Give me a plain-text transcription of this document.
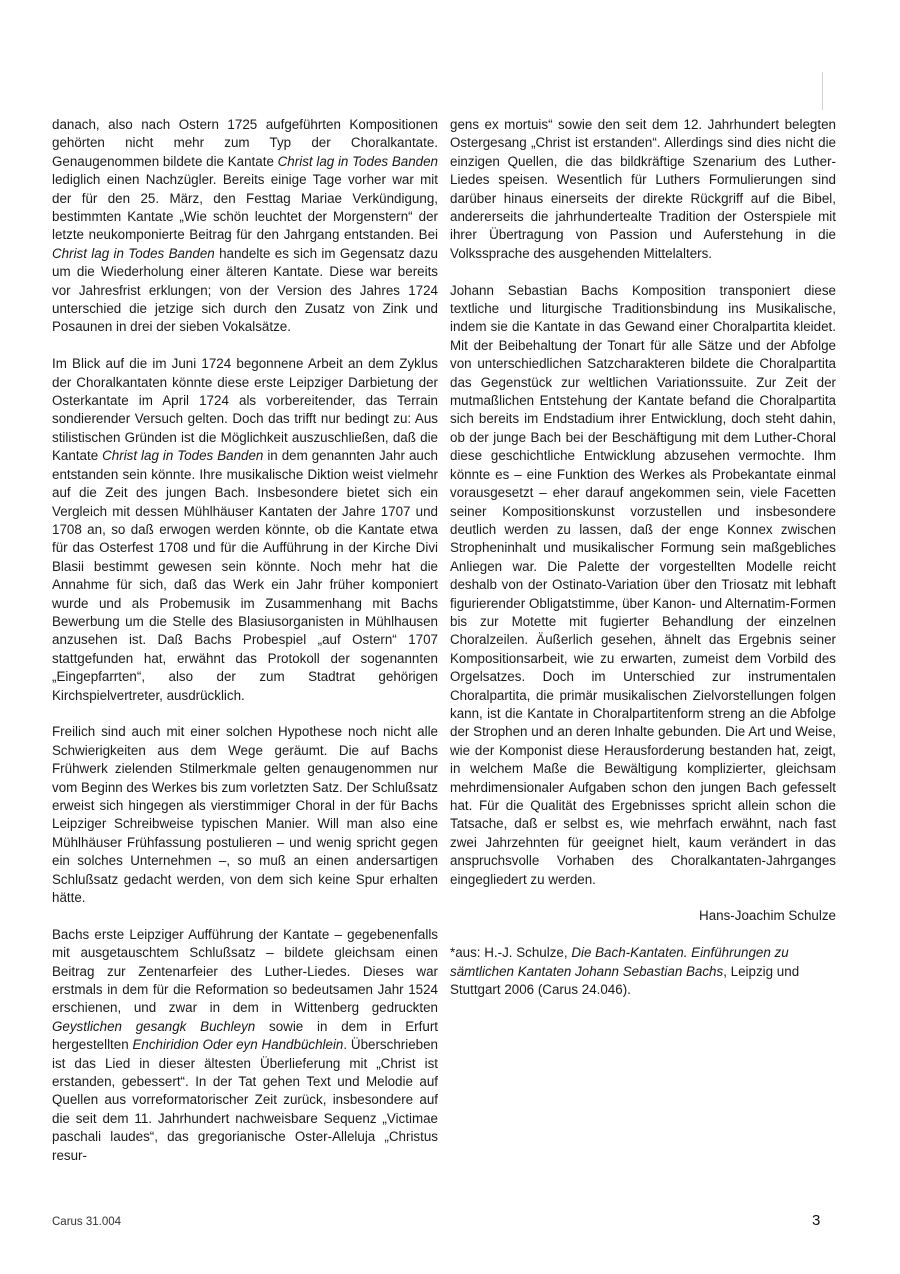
danach, also nach Ostern 1725 aufgeführten Kompositionen gehörten nicht mehr zum Typ der Choralkantate. Genaugenommen bildete die Kantate Christ lag in Todes Banden lediglich einen Nachzügler. Bereits einige Tage vorher war mit der für den 25. März, den Festtag Mariae Verkündigung, bestimmten Kantate „Wie schön leuchtet der Morgenstern“ der letzte neukomponierte Beitrag für den Jahrgang entstanden. Bei Christ lag in Todes Banden handelte es sich im Gegensatz dazu um die Wiederholung einer älteren Kantate. Diese war bereits vor Jahresfrist erklungen; von der Version des Jahres 1724 unterschied die jetzige sich durch den Zusatz von Zink und Posaunen in drei der sieben Vokalsätze.

Im Blick auf die im Juni 1724 begonnene Arbeit an dem Zyklus der Choralkantaten könnte diese erste Leipziger Darbietung der Osterkantate im April 1724 als vorbereitender, das Terrain sondierender Versuch gelten. Doch das trifft nur bedingt zu: Aus stilistischen Gründen ist die Möglichkeit auszuschließen, daß die Kantate Christ lag in Todes Banden in dem genannten Jahr auch entstanden sein könnte. Ihre musikalische Diktion weist vielmehr auf die Zeit des jungen Bach. Insbesondere bietet sich ein Vergleich mit dessen Mühlhäuser Kantaten der Jahre 1707 und 1708 an, so daß erwogen werden könnte, ob die Kantate etwa für das Osterfest 1708 und für die Aufführung in der Kirche Divi Blasii bestimmt gewesen sein könnte. Noch mehr hat die Annahme für sich, daß das Werk ein Jahr früher komponiert wurde und als Probemusik im Zusammenhang mit Bachs Bewerbung um die Stelle des Blasiusorganisten in Mühlhausen anzusehen ist. Daß Bachs Probespiel „auf Ostern“ 1707 stattgefunden hat, erwähnt das Protokoll der sogenannten „Eingepfarrten“, also der zum Stadtrat gehörigen Kirchspielvertreter, ausdrücklich.

Freilich sind auch mit einer solchen Hypothese noch nicht alle Schwierigkeiten aus dem Wege geräumt. Die auf Bachs Frühwerk zielenden Stilmerkmale gelten genaugenommen nur vom Beginn des Werkes bis zum vorletzten Satz. Der Schlußsatz erweist sich hingegen als vierstimmiger Choral in der für Bachs Leipziger Schreibweise typischen Manier. Will man also eine Mühlhäuser Frühfassung postulieren – und wenig spricht gegen ein solches Unternehmen –, so muß an einen andersartigen Schlußsatz gedacht werden, von dem sich keine Spur erhalten hätte.

Bachs erste Leipziger Aufführung der Kantate – gegebenenfalls mit ausgetauschtem Schlußsatz – bildete gleichsam einen Beitrag zur Zentenarfeier des Luther-Liedes. Dieses war erstmals in dem für die Reformation so bedeutsamen Jahr 1524 erschienen, und zwar in dem in Wittenberg gedruckten Geystlichen gesangk Buchleyn sowie in dem in Erfurt hergestellten Enchiridion Oder eyn Handbüchlein. Überschrieben ist das Lied in dieser ältesten Überlieferung mit „Christ ist erstanden, gebessert“. In der Tat gehen Text und Melodie auf Quellen aus vorreformatorischer Zeit zurück, insbesondere auf die seit dem 11. Jahrhundert nachweisbare Sequenz „Victimae paschali laudes“, das gregorianische Oster-Alleluja „Christus resur-

gens ex mortuis“ sowie den seit dem 12. Jahrhundert belegten Ostergesang „Christ ist erstanden“. Allerdings sind dies nicht die einzigen Quellen, die das bildkräftige Szenarium des Luther-Liedes speisen. Wesentlich für Luthers Formulierungen sind darüber hinaus einerseits der direkte Rückgriff auf die Bibel, andererseits die jahrhundertealte Tradition der Osterspiele mit ihrer Übertragung von Passion und Auferstehung in die Volkssprache des ausgehenden Mittelalters.

Johann Sebastian Bachs Komposition transponiert diese textliche und liturgische Traditionsbindung ins Musikalische, indem sie die Kantate in das Gewand einer Choralpartita kleidet. Mit der Beibehaltung der Tonart für alle Sätze und der Abfolge von unterschiedlichen Satzcharakteren bildete die Choralpartita das Gegenstück zur weltlichen Variationssuite. Zur Zeit der mutmaßlichen Entstehung der Kantate befand die Choralpartita sich bereits im Endstadium ihrer Entwicklung, doch steht dahin, ob der junge Bach bei der Beschäftigung mit dem Luther-Choral diese geschichtliche Entwicklung abzusehen vermochte. Ihm könnte es – eine Funktion des Werkes als Probekantate einmal vorausgesetzt – eher darauf angekommen sein, viele Facetten seiner Kompositionskunst vorzustellen und insbesondere deutlich werden zu lassen, daß der enge Konnex zwischen Stropheninhalt und musikalischer Formung sein maßgebliches Anliegen war. Die Palette der vorgestellten Modelle reicht deshalb von der Ostinato-Variation über den Triosatz mit lebhaft figurierender Obligatstimme, über Kanon- und Alternatim-Formen bis zur Motette mit fugierter Behandlung der einzelnen Choralzeilen. Äußerlich gesehen, ähnelt das Ergebnis seiner Kompositionsarbeit, wie zu erwarten, zumeist dem Vorbild des Orgelsatzes. Doch im Unterschied zur instrumentalen Choralpartita, die primär musikalischen Zielvorstellungen folgen kann, ist die Kantate in Choralpartitenform streng an die Abfolge der Strophen und an deren Inhalte gebunden. Die Art und Weise, wie der Komponist diese Herausforderung bestanden hat, zeigt, in welchem Maße die Bewältigung komplizierter, gleichsam mehrdimensionaler Aufgaben schon den jungen Bach gefesselt hat. Für die Qualität des Ergebnisses spricht allein schon die Tatsache, daß er selbst es, wie mehrfach erwähnt, nach fast zwei Jahrzehnten für geeignet hielt, kaum verändert in das anspruchsvolle Vorhaben des Choralkantaten-Jahrganges eingegliedert zu werden.

Hans-Joachim Schulze

*aus: H.-J. Schulze, Die Bach-Kantaten. Einführungen zu sämtlichen Kantaten Johann Sebastian Bachs, Leipzig und Stuttgart 2006 (Carus 24.046).

Carus 31.004	3
